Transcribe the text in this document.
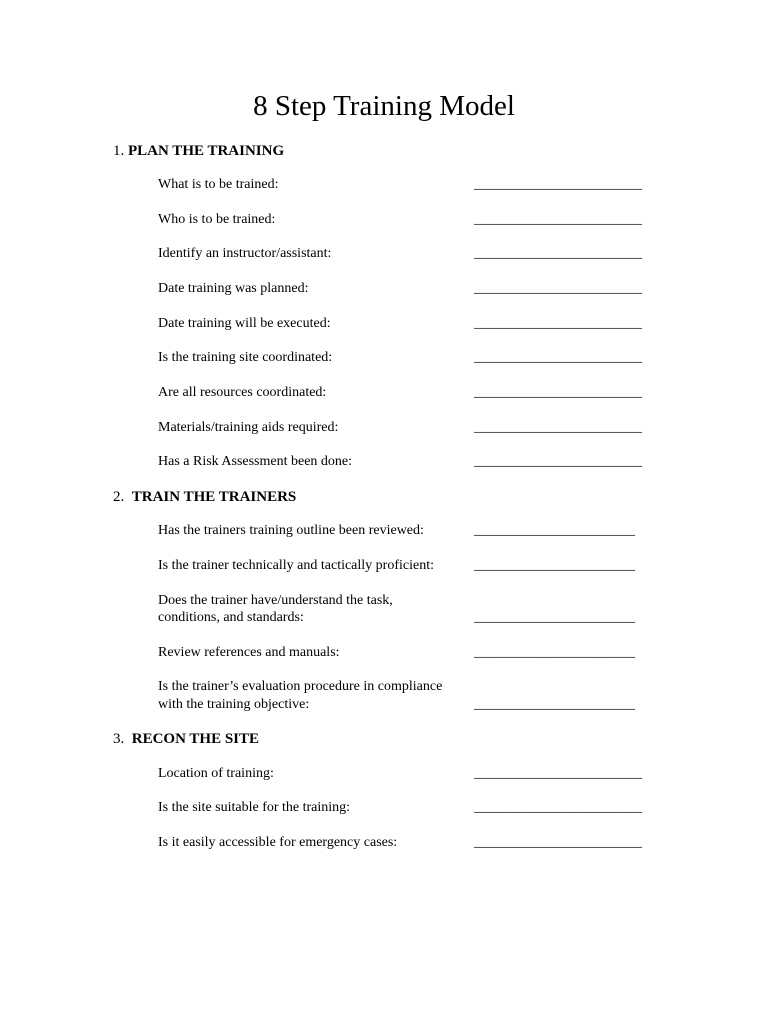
8 Step Training Model
1. PLAN THE TRAINING
What is to be trained:	________________________
Who is to be trained:	________________________
Identify an instructor/assistant:	________________________
Date training was planned:	________________________
Date training will be executed:	________________________
Is the training site coordinated:	________________________
Are all resources coordinated:	________________________
Materials/training aids required:	________________________
Has a Risk Assessment been done:	________________________
2. TRAIN THE TRAINERS
Has the trainers training outline been reviewed:	_______________________
Is the trainer technically and tactically proficient:	_______________________
Does the trainer have/understand the task,
conditions, and standards:	_______________________
Review references and manuals:	_______________________
Is the trainer’s evaluation procedure in compliance
with the training objective:	_______________________
3. RECON THE SITE
Location of training:	________________________
Is the site suitable for the training:	________________________
Is it easily accessible for emergency cases:	________________________
